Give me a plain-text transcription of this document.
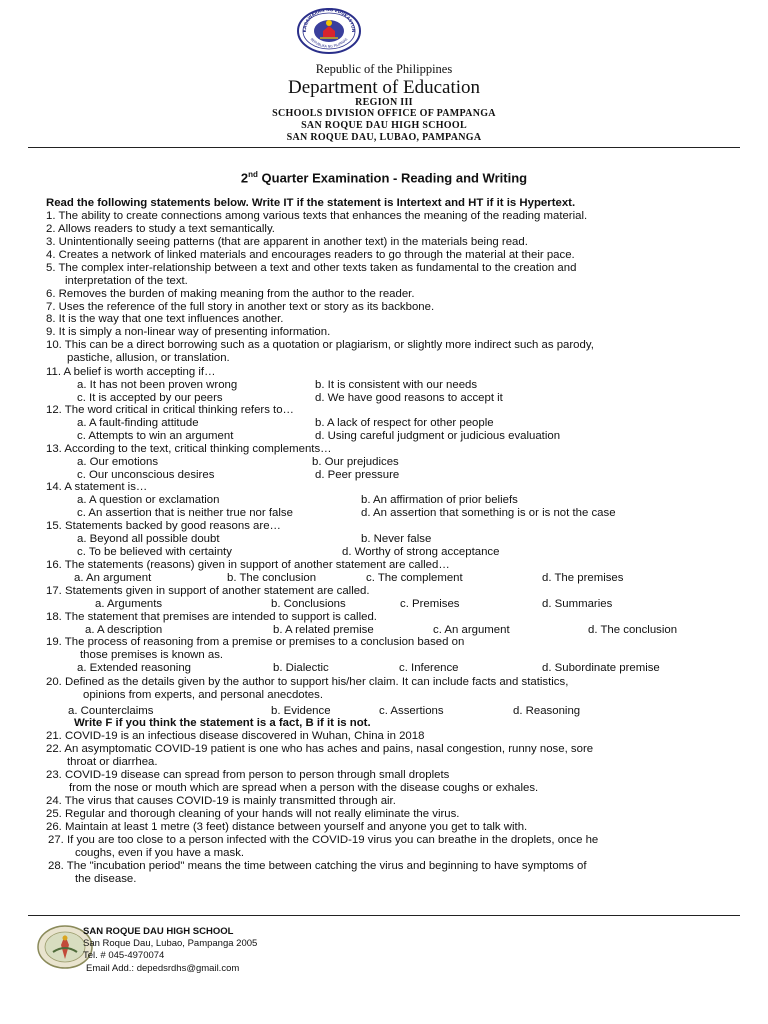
KAGAWARAN NG EDUKASYON
REPUBLIKA NG PILIPINAS
Republic of the Philippines
Department of Education
REGION III
SCHOOLS DIVISION OFFICE OF PAMPANGA
SAN ROQUE DAU HIGH SCHOOL
SAN ROQUE DAU, LUBAO, PAMPANGA
2nd Quarter Examination - Reading and Writing
Read the following statements below. Write IT if the statement is Intertext and HT if it is Hypertext.
1. The ability to create connections among various texts that enhances the meaning of the reading material.
2. Allows readers to study a text semantically.
3. Unintentionally seeing patterns (that are apparent in another text) in the materials being read.
4. Creates a network of linked materials and encourages readers to go through the material at their pace.
5. The complex inter-relationship between a text and other texts taken as fundamental to the creation and
interpretation of the text.
6. Removes the burden of making meaning from the author to the reader.
7. Uses the reference of the full story in another text or story as its backbone.
8. It is the way that one text influences another.
9. It is simply a non-linear way of presenting information.
10. This can be a direct borrowing such as a quotation or plagiarism, or slightly more indirect such as parody,
pastiche, allusion, or translation.
11. A belief is worth accepting if…
a. It has not been proven wrong	b. It is consistent with our needs
c. It is accepted by our peers	d. We have good reasons to accept it
12. The word critical in critical thinking refers to…
a. A fault-finding attitude	b. A lack of respect for other people
c. Attempts to win an argument	d. Using careful judgment or judicious evaluation
13. According to the text, critical thinking complements…
a. Our emotions	b. Our prejudices
c. Our unconscious desires	d. Peer pressure
14. A statement is…
a. A question or exclamation	b. An affirmation of prior beliefs
c. An assertion that is neither true nor false	d. An assertion that something is or is not the case
15. Statements backed by good reasons are…
a. Beyond all possible doubt	b. Never false
c. To be believed with certainty	d. Worthy of strong acceptance
16. The statements (reasons) given in support of another statement are called…
a. An argument	b. The conclusion	c. The complement	d. The premises
17. Statements given in support of another statement are called.
a. Arguments	b. Conclusions	c. Premises	d. Summaries
18. The statement that premises are intended to support is called.
a. A description	b. A related premise	c. An argument	d. The conclusion
19. The process of reasoning from a premise or premises to a conclusion based on
those premises is known as.
a. Extended reasoning	b. Dialectic	c. Inference	d. Subordinate premise
20. Defined as the details given by the author to support his/her claim. It can include facts and statistics,
opinions from experts, and personal anecdotes.
a. Counterclaims	b. Evidence	c. Assertions	d. Reasoning
Write F if you think the statement is a fact, B if it is not.
21. COVID-19 is an infectious disease discovered in Wuhan, China in 2018
22. An asymptomatic COVID-19 patient is one who has aches and pains, nasal congestion, runny nose, sore
throat or diarrhea.
23. COVID-19 disease can spread from person to person through small droplets
from the nose or mouth which are spread when a person with the disease coughs or exhales.
24. The virus that causes COVID-19 is mainly transmitted through air.
25. Regular and thorough cleaning of your hands will not really eliminate the virus.
26. Maintain at least 1 metre (3 feet) distance between yourself and anyone you get to talk with.
27. If you are too close to a person infected with the COVID-19 virus you can breathe in the droplets, once he
coughs, even if you have a mask.
28. The "incubation period" means the time between catching the virus and beginning to have symptoms of
the disease.
SAN ROQUE DAU HIGH SCHOOL
San Roque Dau, Lubao, Pampanga 2005
Tel. # 045-4970074
Email Add.: depedsrdhs@gmail.com
